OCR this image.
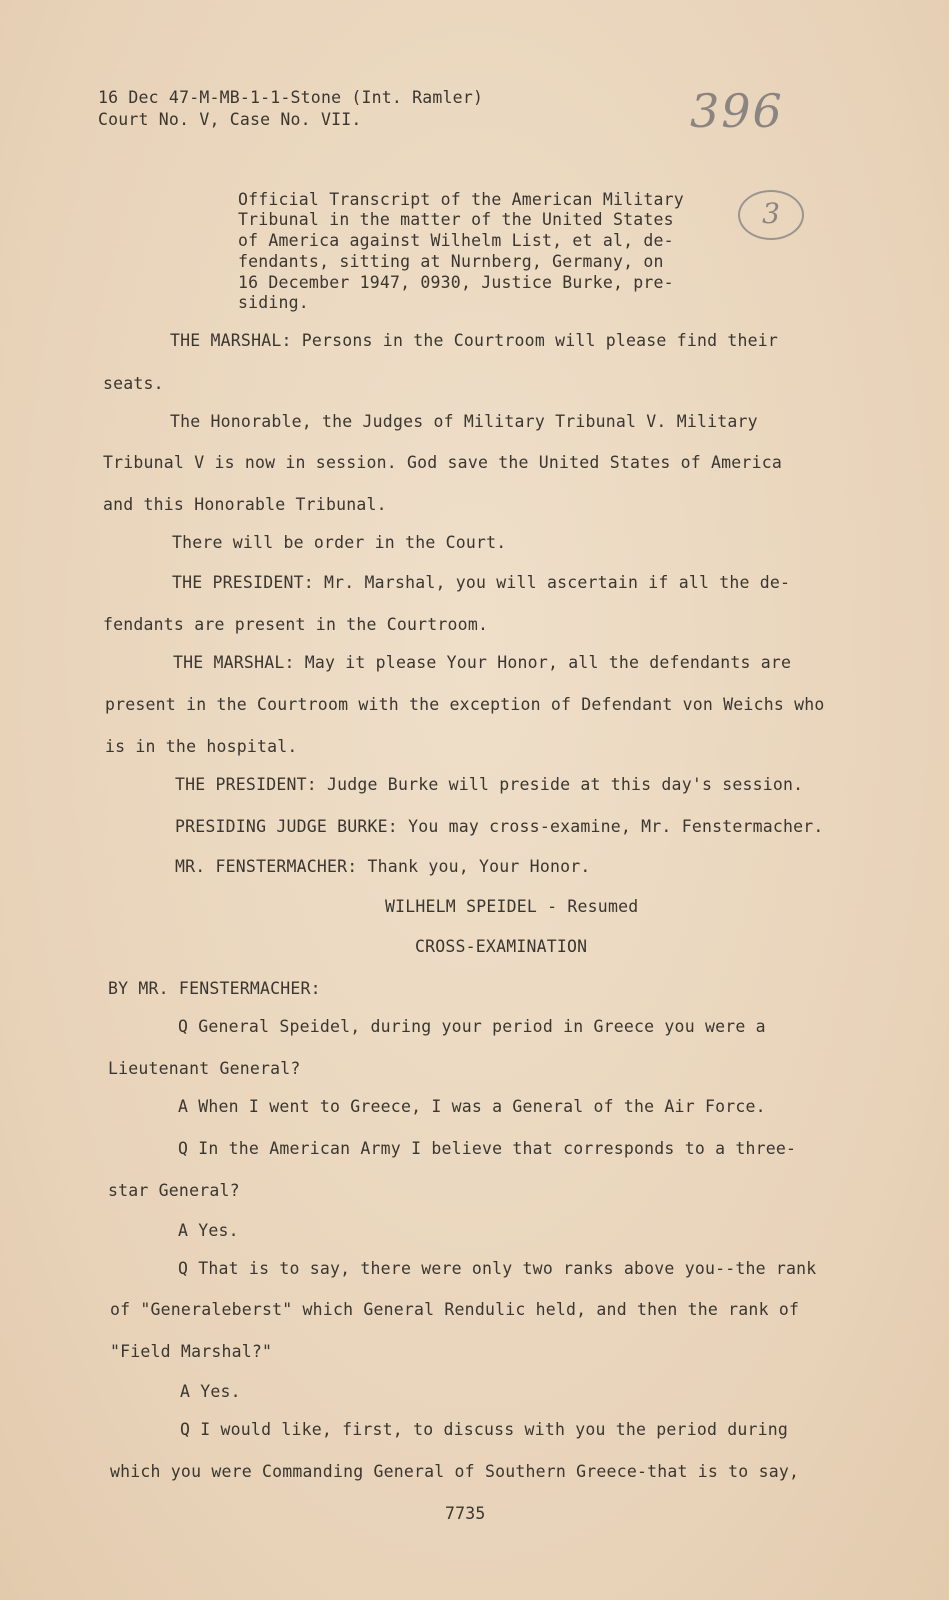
16 Dec 47-M-MB-1-1-Stone (Int. Ramler)
Court No. V, Case No. VII.	396
3
Official Transcript of the American Military
Tribunal in the matter of the United States
of America against Wilhelm List, et al, de-
fendants, sitting at Nurnberg, Germany, on
16 December 1947, 0930, Justice Burke, pre-
siding.
THE MARSHAL: Persons in the Courtroom will please find their
seats.
The Honorable, the Judges of Military Tribunal V. Military
Tribunal V is now in session. God save the United States of America
and this Honorable Tribunal.
There will be order in the Court.
THE PRESIDENT: Mr. Marshal, you will ascertain if all the de-
fendants are present in the Courtroom.
THE MARSHAL: May it please Your Honor, all the defendants are
present in the Courtroom with the exception of Defendant von Weichs who
is in the hospital.
THE PRESIDENT: Judge Burke will preside at this day's session.
PRESIDING JUDGE BURKE: You may cross-examine, Mr. Fenstermacher.
MR. FENSTERMACHER: Thank you, Your Honor.
WILHELM SPEIDEL - Resumed
CROSS-EXAMINATION
BY MR. FENSTERMACHER:
Q General Speidel, during your period in Greece you were a
Lieutenant General?
A When I went to Greece, I was a General of the Air Force.
Q In the American Army I believe that corresponds to a three-
star General?
A Yes.
Q That is to say, there were only two ranks above you--the rank
of "Generaleberst" which General Rendulic held, and then the rank of
"Field Marshal?"
A Yes.
Q I would like, first, to discuss with you the period during
which you were Commanding General of Southern Greece-that is to say,
7735
